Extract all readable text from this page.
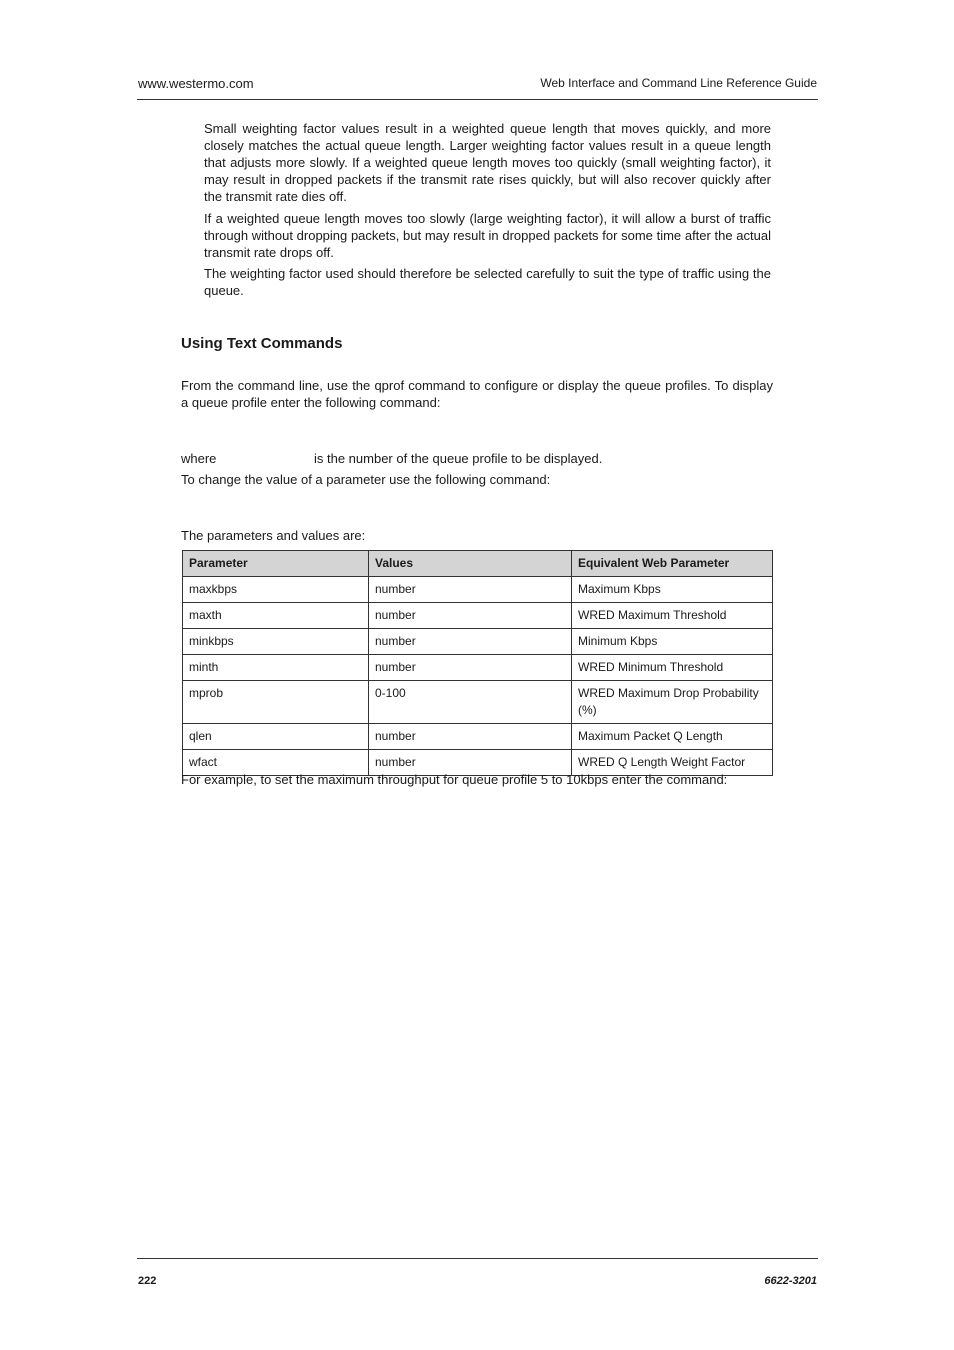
www.westermo.com	Web Interface and Command Line Reference Guide

Small weighting factor values result in a weighted queue length that moves quickly, and more closely matches the actual queue length. Larger weighting factor values result in a queue length that adjusts more slowly. If a weighted queue length moves too quickly (small weighting factor), it may result in dropped packets if the transmit rate rises quickly, but will also recover quickly after the transmit rate dies off.

If a weighted queue length moves too slowly (large weighting factor), it will allow a burst of traffic through without dropping packets, but may result in dropped packets for some time after the actual transmit rate drops off.

The weighting factor used should therefore be selected carefully to suit the type of traffic using the queue.

Using Text Commands

From the command line, use the qprof command to configure or display the queue profiles. To display a queue profile enter the following command:

where	is the number of the queue profile to be displayed.

To change the value of a parameter use the following command:

The parameters and values are:

Parameter	Values	Equivalent Web Parameter
maxkbps	number	Maximum Kbps
maxth	number	WRED Maximum Threshold
minkbps	number	Minimum Kbps
minth	number	WRED Minimum Threshold
mprob	0-100	WRED Maximum Drop Probability (%)
qlen	number	Maximum Packet Q Length
wfact	number	WRED Q Length Weight Factor

For example, to set the maximum throughput for queue profile 5 to 10kbps enter the command:

222	6622-3201
